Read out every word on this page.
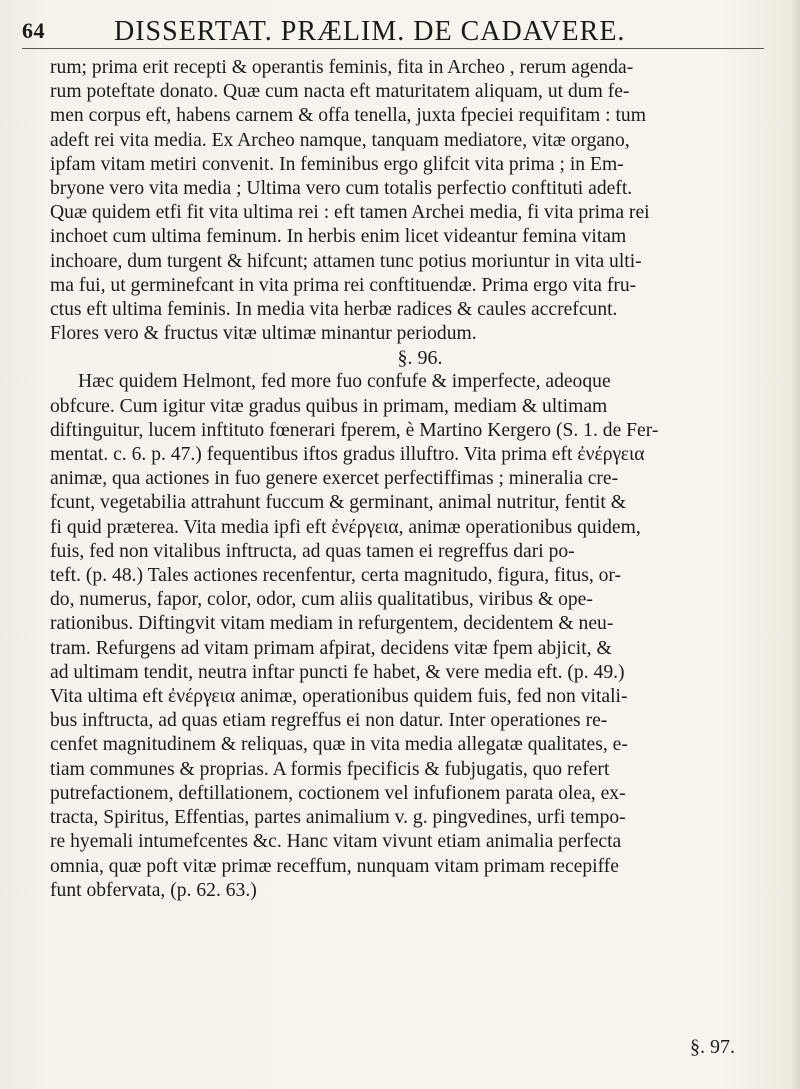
64 DISSERTAT. PRÆLIM. DE CADAVERE.
rum; prima erit recepti & operantis feminis, fita in Archeo , rerum agenda-
rum poteftate donato. Quæ cum nacta eft maturitatem aliquam, ut dum fe-
men corpus eft, habens carnem & offa tenella, juxta fpeciei requifitam : tum
adeft rei vita media. Ex Archeo namque, tanquam mediatore, vitæ organo,
ipfam vitam metiri convenit. In feminibus ergo glifcit vita prima ; in Em-
bryone vero vita media ; Ultima vero cum totalis perfectio conftituti adeft.
Quæ quidem etfi fit vita ultima rei : eft tamen Archei media, fi vita prima rei
inchoet cum ultima feminum. In herbis enim licet videantur femina vitam
inchoare, dum turgent & hifcunt; attamen tunc potius moriuntur in vita ulti-
ma fui, ut germinefcant in vita prima rei conftituendæ. Prima ergo vita fru-
ctus eft ultima feminis. In media vita herbæ radices & caules accrefcunt.
Flores vero & fructus vitæ ultimæ minantur periodum.
§. 96.
Hæc quidem Helmont, fed more fuo confufe & imperfecte, adeoque
obfcure. Cum igitur vitæ gradus quibus in primam, mediam & ultimam
diftinguitur, lucem inftituto fœnerari fperem, è Martino Kergero (S. 1. de Fer-
mentat. c. 6. p. 47.) fequentibus iftos gradus illuftro. Vita prima eft ἐνέργεια
animæ, qua actiones in fuo genere exercet perfectiffimas ; mineralia cre-
fcunt, vegetabilia attrahunt fuccum & germinant, animal nutritur, fentit &
fi quid præterea. Vita media ipfi eft ἐνέργεια, animæ operationibus quidem,
fuis, fed non vitalibus inftructa, ad quas tamen ei regreffus dari po-
teft. (p. 48.) Tales actiones recenfentur, certa magnitudo, figura, fitus, or-
do, numerus, fapor, color, odor, cum aliis qualitatibus, viribus & ope-
rationibus. Diftingvit vitam mediam in refurgentem, decidentem & neu-
tram. Refurgens ad vitam primam afpirat, decidens vitæ fpem abjicit, &
ad ultimam tendit, neutra inftar puncti fe habet, & vere media eft. (p. 49.)
Vita ultima eft ἐνέργεια animæ, operationibus quidem fuis, fed non vitali-
bus inftructa, ad quas etiam regreffus ei non datur. Inter operationes re-
cenfet magnitudinem & reliquas, quæ in vita media allegatæ qualitates, e-
tiam communes & proprias. A formis fpecificis & fubjugatis, quo refert
putrefactionem, deftillationem, coctionem vel infufionem parata olea, ex-
tracta, Spiritus, Effentias, partes animalium v. g. pingvedines, urfi tempo-
re hyemali intumefcentes &c. Hanc vitam vivunt etiam animalia perfecta
omnia, quæ poft vitæ primæ receffum, nunquam vitam primam recepiffe
funt obfervata, (p. 62. 63.)
§. 97.
